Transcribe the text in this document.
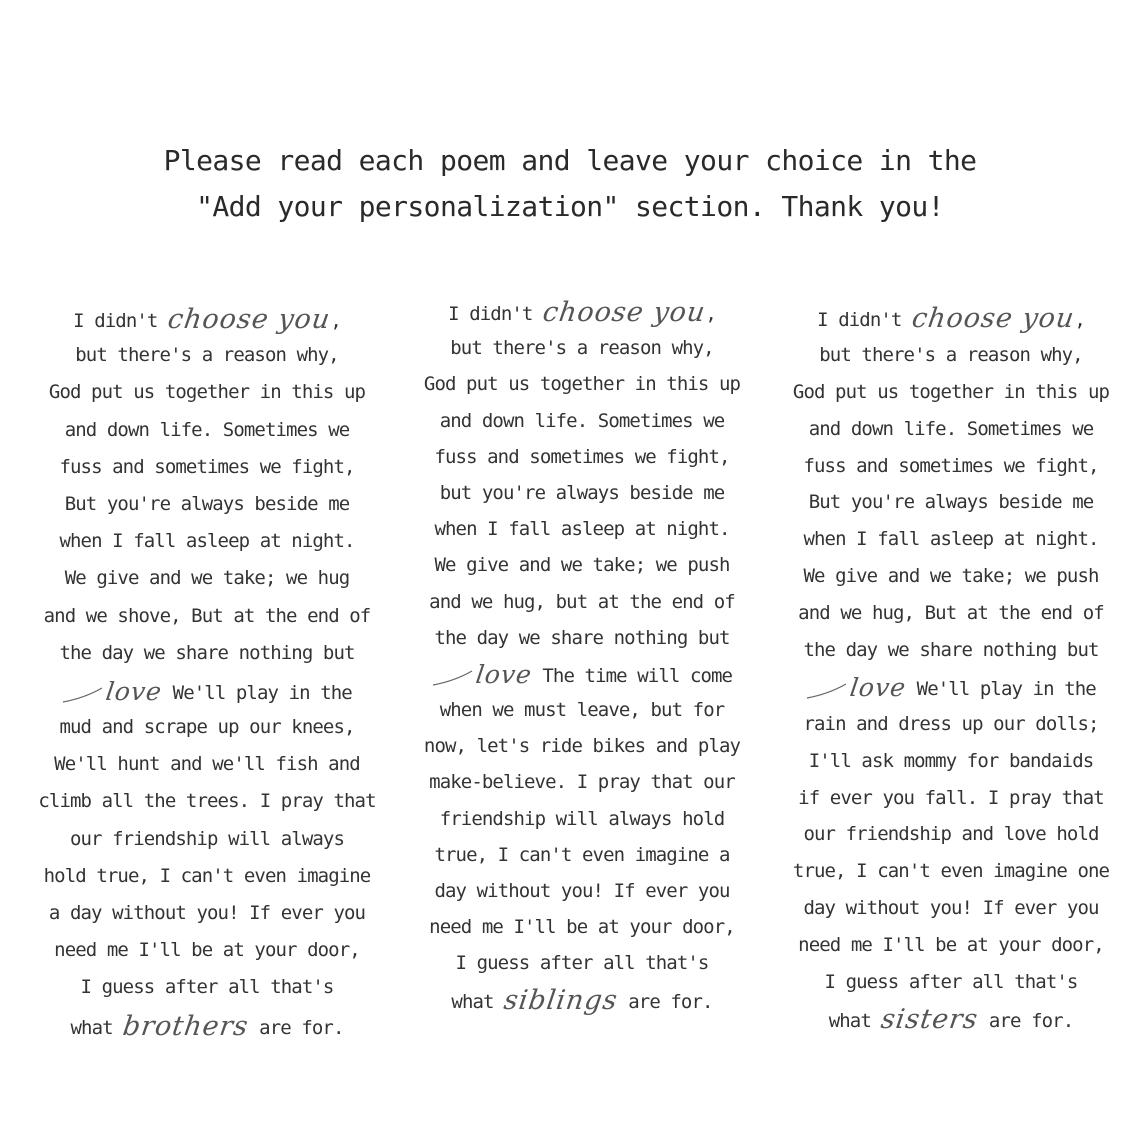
Please read each poem and leave your choice in the
"Add your personalization" section. Thank you!
I didn't choose you,
but there's a reason why,
God put us together in this up
and down life. Sometimes we
fuss and sometimes we fight,
But you're always beside me
when I fall asleep at night.
We give and we take; we hug
and we shove, But at the end of
the day we share nothing but
love We'll play in the
mud and scrape up our knees,
We'll hunt and we'll fish and
climb all the trees. I pray that
our friendship will always
hold true, I can't even imagine
a day without you! If ever you
need me I'll be at your door,
I guess after all that's
what brothers are for.
I didn't choose you,
but there's a reason why,
God put us together in this up
and down life. Sometimes we
fuss and sometimes we fight,
but you're always beside me
when I fall asleep at night.
We give and we take; we push
and we hug, but at the end of
the day we share nothing but
love The time will come
when we must leave, but for
now, let's ride bikes and play
make-believe. I pray that our
friendship will always hold
true, I can't even imagine a
day without you! If ever you
need me I'll be at your door,
I guess after all that's
what siblings are for.
I didn't choose you,
but there's a reason why,
God put us together in this up
and down life. Sometimes we
fuss and sometimes we fight,
But you're always beside me
when I fall asleep at night.
We give and we take; we push
and we hug, But at the end of
the day we share nothing but
love We'll play in the
rain and dress up our dolls;
I'll ask mommy for bandaids
if ever you fall. I pray that
our friendship and love hold
true, I can't even imagine one
day without you! If ever you
need me I'll be at your door,
I guess after all that's
what sisters are for.
